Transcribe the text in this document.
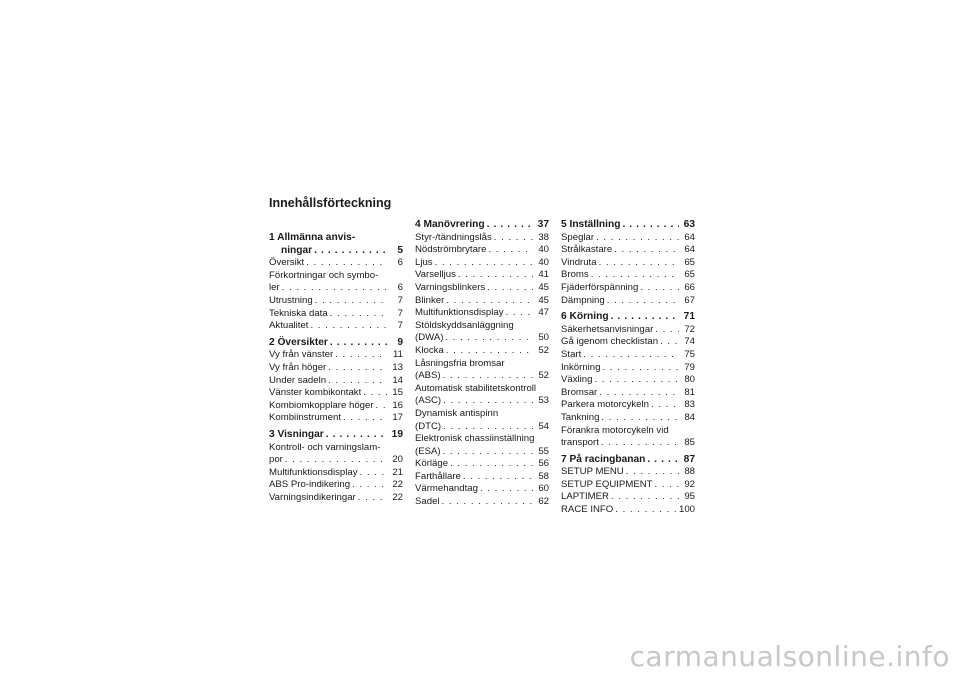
Innehållsförteckning
1 Allmänna anvis-
ningar . . .	5
Översikt . . .	6
Förkortningar och symbo-
ler . . .	6
Utrustning . . .	7
Tekniska data . . .	7
Aktualitet . . .	7
2 Översikter . . .	9
Vy från vänster . . .	11
Vy från höger . . .	13
Under sadeln . . .	14
Vänster kombikontakt . . .	15
Kombiomkopplare höger . . .	16
Kombiinstrument . . .	17
3 Visningar . . .	19
Kontroll- och varningslam-
por . . .	20
Multifunktionsdisplay . . .	21
ABS Pro-indikering . . .	22
Varningsindikeringar . . .	22
4 Manövrering . . .	37
Styr-/tändningslås . . .	38
Nödströmbrytare . . .	40
Ljus . . .	40
Varselljus . . .	41
Varningsblinkers . . .	45
Blinker . . .	45
Multifunktionsdisplay . . .	47
Stöldskyddsanläggning
(DWA) . . .	50
Klocka . . .	52
Låsningsfria bromsar
(ABS) . . .	52
Automatisk stabilitetskontroll
(ASC) . . .	53
Dynamisk antispinn
(DTC) . . .	54
Elektronisk chassiinställning
(ESA) . . .	55
Körläge . . .	56
Farthållare . . .	58
Värmehandtag . . .	60
Sadel . . .	62
5 Inställning . . .	63
Speglar . . .	64
Strålkastare . . .	64
Vindruta . . .	65
Broms . . .	65
Fjäderförspänning . . .	66
Dämpning . . .	67
6 Körning . . .	71
Säkerhetsanvisningar . . .	72
Gå igenom checklistan . . .	74
Start . . .	75
Inkörning . . .	79
Växling . . .	80
Bromsar . . .	81
Parkera motorcykeln . . .	83
Tankning . . .	84
Förankra motorcykeln vid
transport . . .	85
7 På racingbanan . . .	87
SETUP MENU . . .	88
SETUP EQUIPMENT . . .	92
LAPTIMER . . .	95
RACE INFO . . .	100
carmanualsonline.info
